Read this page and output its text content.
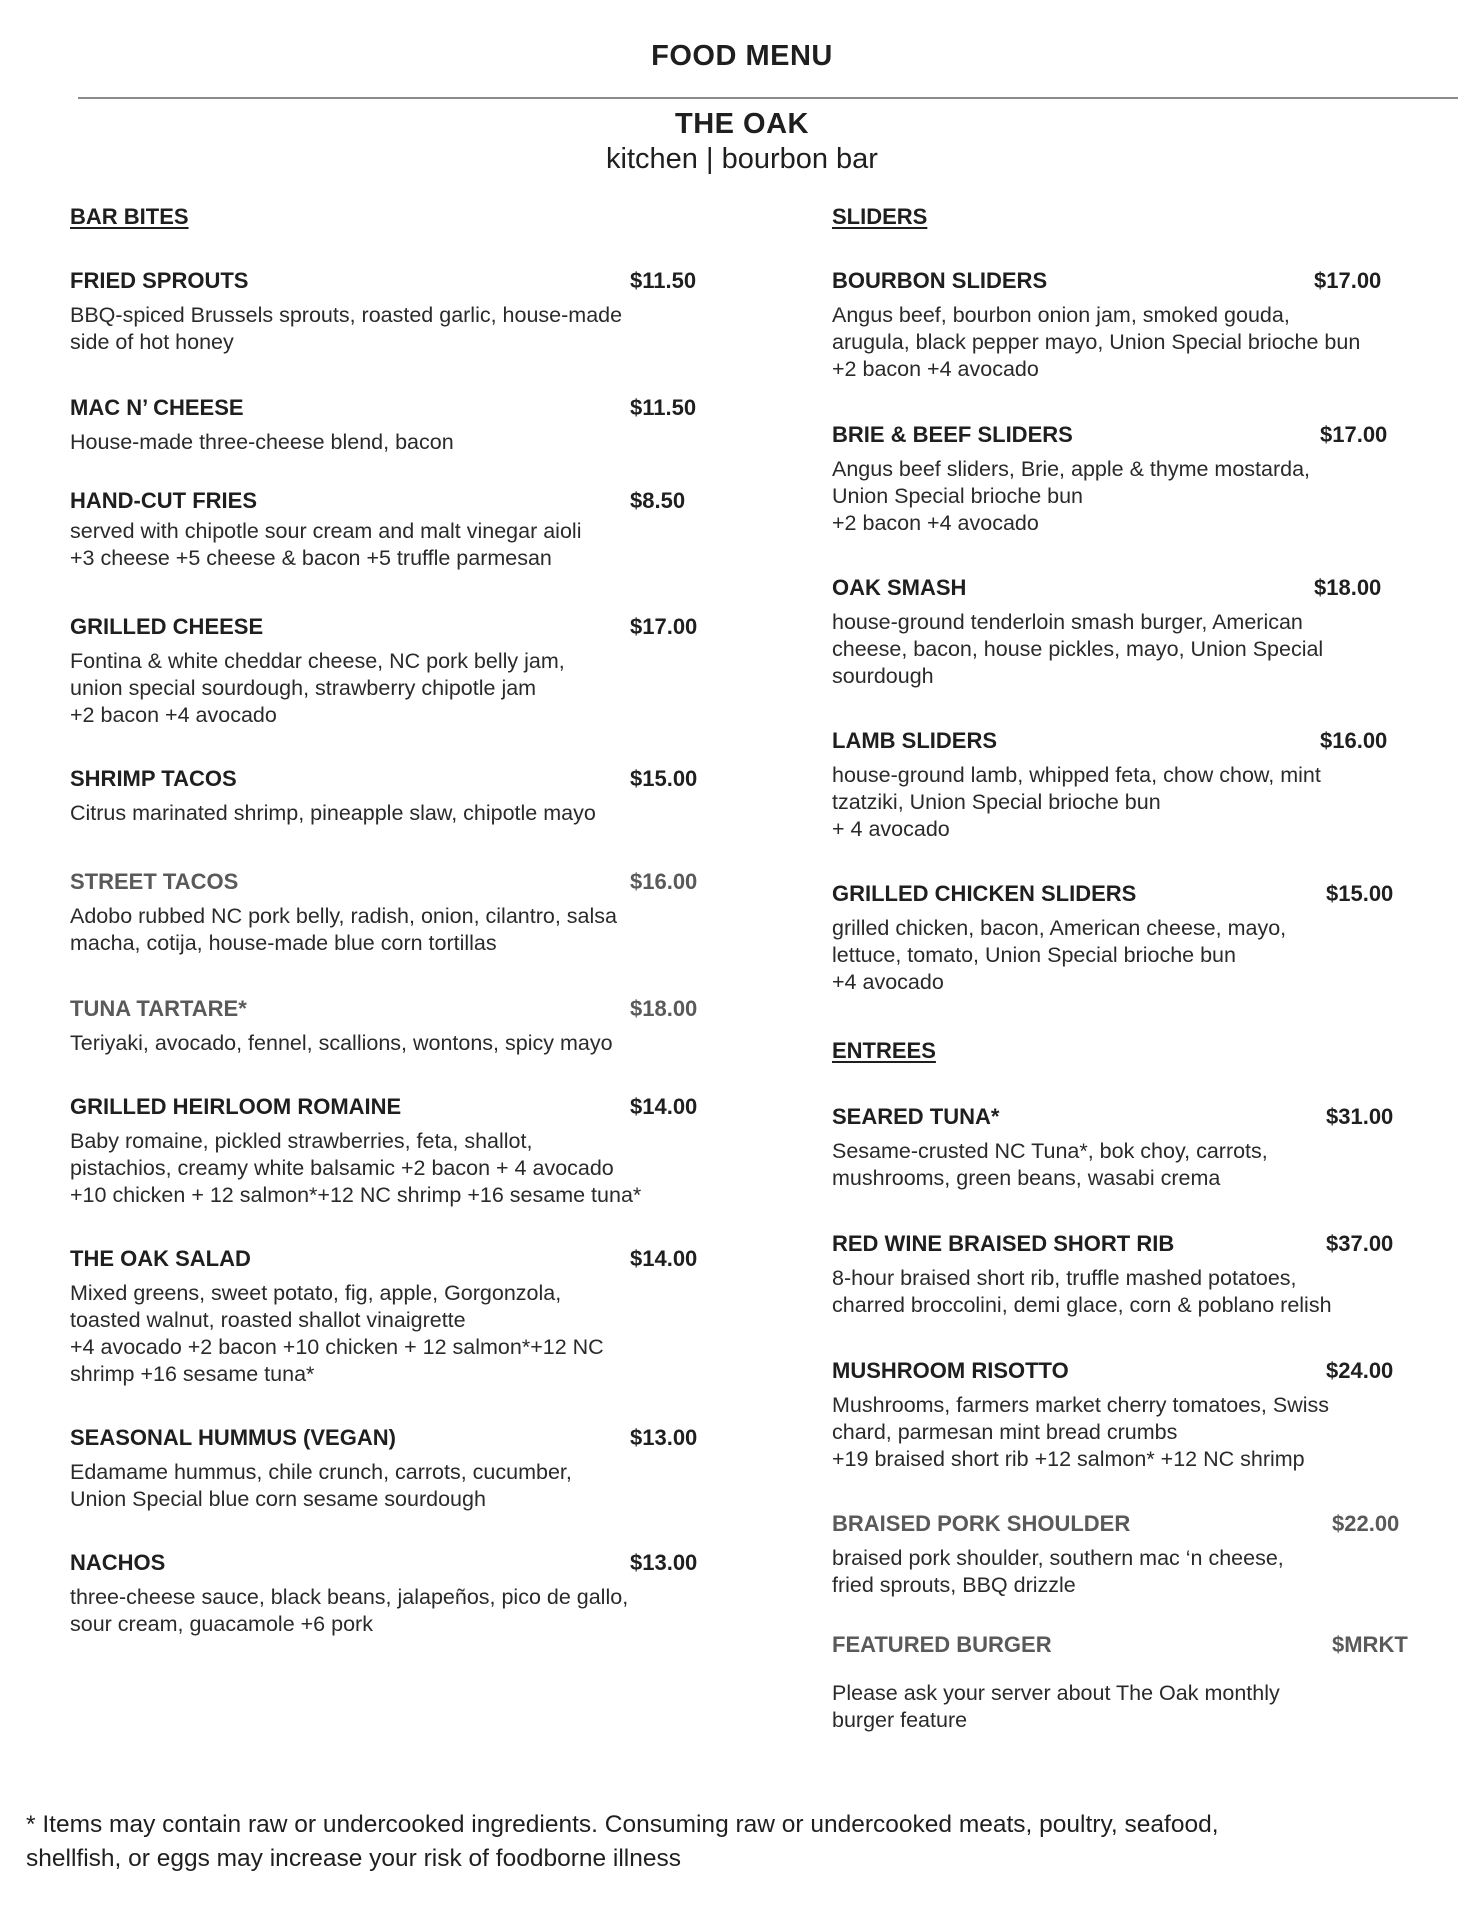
FOOD MENU
THE OAK
kitchen | bourbon bar
BAR BITES
FRIED SPROUTS	$11.50
BBQ-spiced Brussels sprouts, roasted garlic, house-made
side of hot honey
MAC N’ CHEESE	$11.50
House-made three-cheese blend, bacon
HAND-CUT FRIES	$8.50
served with chipotle sour cream and malt vinegar aioli
+3 cheese +5 cheese & bacon +5 truffle parmesan
GRILLED CHEESE	$17.00
Fontina & white cheddar cheese, NC pork belly jam,
union special sourdough, strawberry chipotle jam
+2 bacon +4 avocado
SHRIMP TACOS	$15.00
Citrus marinated shrimp, pineapple slaw, chipotle mayo
STREET TACOS	$16.00
Adobo rubbed NC pork belly, radish, onion, cilantro, salsa
macha, cotija, house-made blue corn tortillas
TUNA TARTARE*	$18.00
Teriyaki, avocado, fennel, scallions, wontons, spicy mayo
GRILLED HEIRLOOM ROMAINE	$14.00
Baby romaine, pickled strawberries, feta, shallot,
pistachios, creamy white balsamic +2 bacon + 4 avocado
+10 chicken + 12 salmon*+12 NC shrimp +16 sesame tuna*
THE OAK SALAD	$14.00
Mixed greens, sweet potato, fig, apple, Gorgonzola,
toasted walnut, roasted shallot vinaigrette
+4 avocado +2 bacon +10 chicken + 12 salmon*+12 NC
shrimp +16 sesame tuna*
SEASONAL HUMMUS (VEGAN)	$13.00
Edamame hummus, chile crunch, carrots, cucumber,
Union Special blue corn sesame sourdough
NACHOS	$13.00
three-cheese sauce, black beans, jalapeños, pico de gallo,
sour cream, guacamole +6 pork
SLIDERS
BOURBON SLIDERS	$17.00
Angus beef, bourbon onion jam, smoked gouda,
arugula, black pepper mayo, Union Special brioche bun
+2 bacon +4 avocado
BRIE & BEEF SLIDERS	$17.00
Angus beef sliders, Brie, apple & thyme mostarda,
Union Special brioche bun
+2 bacon +4 avocado
OAK SMASH	$18.00
house-ground tenderloin smash burger, American
cheese, bacon, house pickles, mayo, Union Special
sourdough
LAMB SLIDERS	$16.00
house-ground lamb, whipped feta, chow chow, mint
tzatziki, Union Special brioche bun
+ 4 avocado
GRILLED CHICKEN SLIDERS	$15.00
grilled chicken, bacon, American cheese, mayo,
lettuce, tomato, Union Special brioche bun
+4 avocado
ENTREES
SEARED TUNA*	$31.00
Sesame-crusted NC Tuna*, bok choy, carrots,
mushrooms, green beans, wasabi crema
RED WINE BRAISED SHORT RIB	$37.00
8-hour braised short rib, truffle mashed potatoes,
charred broccolini, demi glace, corn & poblano relish
MUSHROOM RISOTTO	$24.00
Mushrooms, farmers market cherry tomatoes, Swiss
chard, parmesan mint bread crumbs
+19 braised short rib +12 salmon* +12 NC shrimp
BRAISED PORK SHOULDER	$22.00
braised pork shoulder, southern mac ‘n cheese,
fried sprouts, BBQ drizzle
FEATURED BURGER	$MRKT
Please ask your server about The Oak monthly
burger feature
* Items may contain raw or undercooked ingredients. Consuming raw or undercooked meats, poultry, seafood,
shellfish, or eggs may increase your risk of foodborne illness
